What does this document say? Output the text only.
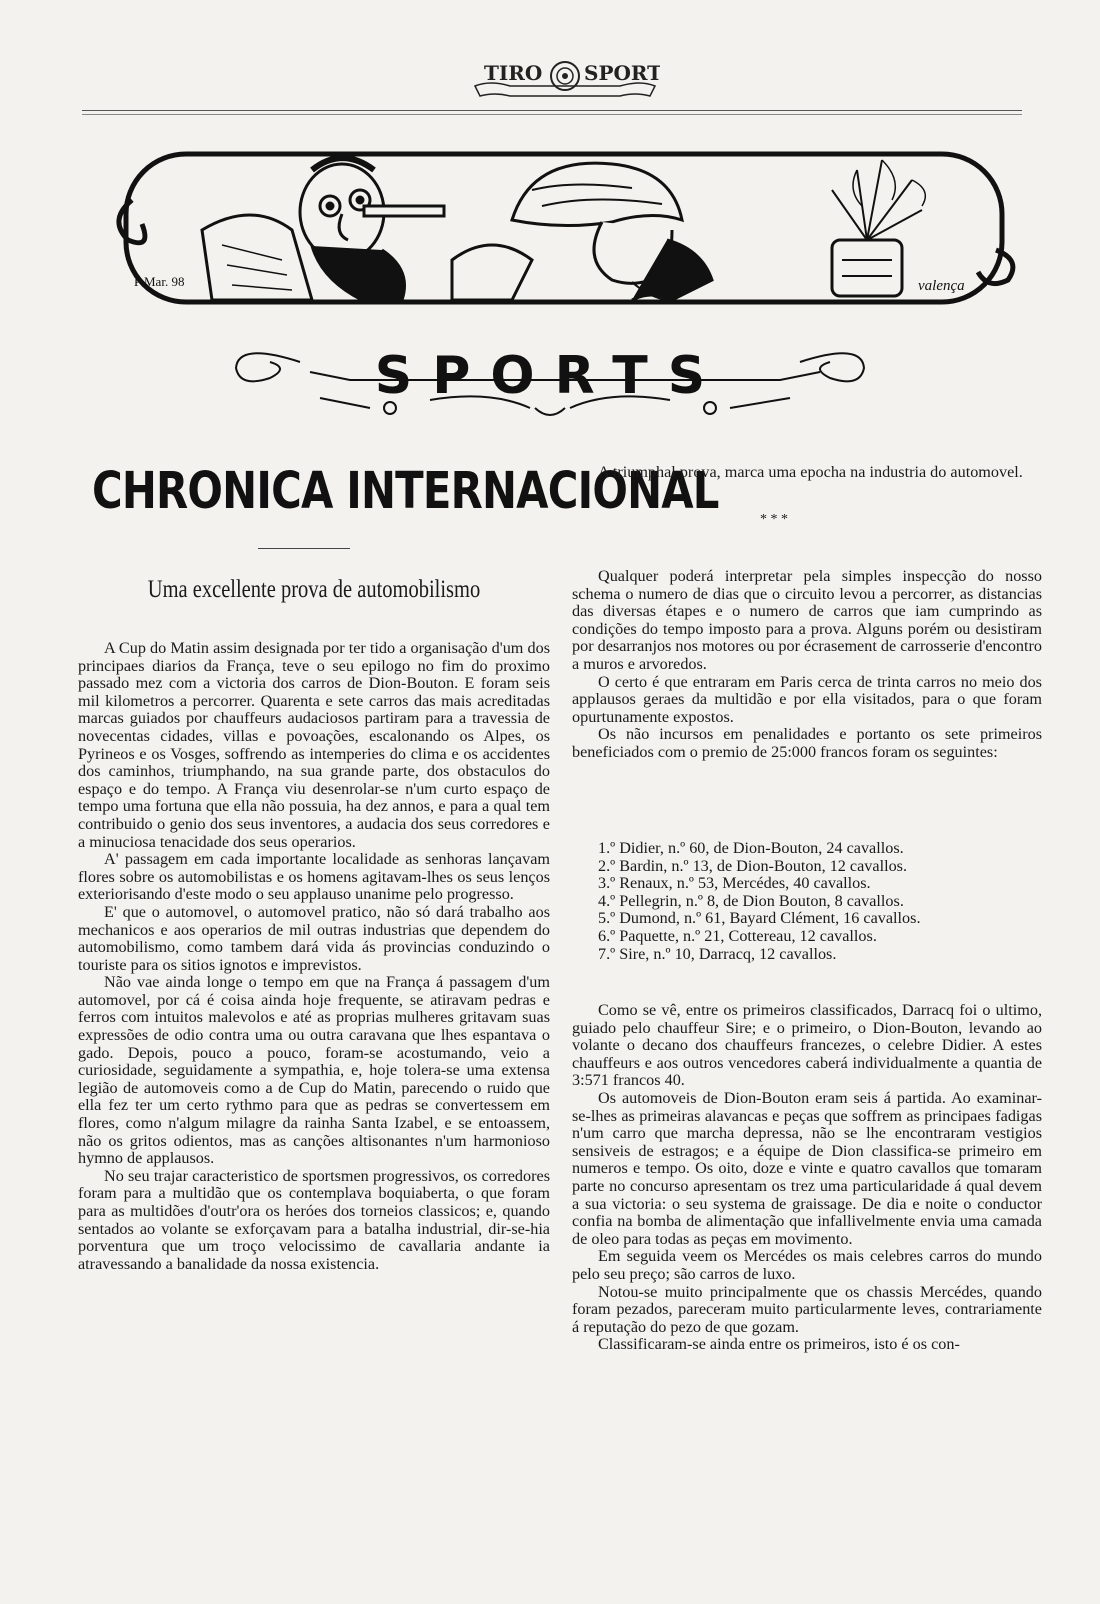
TIRO SPORT
P Mar. 98	valença
SPORTS
CHRONICA INTERNACIONAL
Uma excellente prova de automobilismo

A Cup do Matin assim designada por ter tido a organisação d'um dos principaes diarios da França, teve o seu epilogo no fim do proximo passado mez com a victoria dos carros de Dion-Bouton. E foram seis mil kilometros a percorrer. Quarenta e sete carros das mais acreditadas marcas guiados por chauffeurs audaciosos partiram para a travessia de novecentas cidades, villas e povoações, escalonando os Alpes, os Pyrineos e os Vosges, soffrendo as intemperies do clima e os accidentes dos caminhos, triumphando, na sua grande parte, dos obstaculos do espaço e do tempo. A França viu desenrolar-se n'um curto espaço de tempo uma fortuna que ella não possuia, ha dez annos, e para a qual tem contribuido o genio dos seus inventores, a audacia dos seus corredores e a minuciosa tenacidade dos seus operarios.

A' passagem em cada importante localidade as senhoras lançavam flores sobre os automobilistas e os homens agitavam-lhes os seus lenços exteriorisando d'este modo o seu applauso unanime pelo progresso.

E' que o automovel, o automovel pratico, não só dará trabalho aos mechanicos e aos operarios de mil outras industrias que dependem do automobilismo, como tambem dará vida ás provincias conduzindo o touriste para os sitios ignotos e imprevistos.

Não vae ainda longe o tempo em que na França á passagem d'um automovel, por cá é coisa ainda hoje frequente, se atiravam pedras e ferros com intuitos malevolos e até as proprias mulheres gritavam suas expressões de odio contra uma ou outra caravana que lhes espantava o gado. Depois, pouco a pouco, foram-se acostumando, veio a curiosidade, seguidamente a sympathia, e, hoje tolera-se uma extensa legião de automoveis como a de Cup do Matin, parecendo o ruido que ella fez ter um certo rythmo para que as pedras se convertessem em flores, como n'algum milagre da rainha Santa Izabel, e se entoassem, não os gritos odientos, mas as canções altisonantes n'um harmonioso hymno de applausos.

No seu trajar caracteristico de sportsmen progressivos, os corredores foram para a multidão que os contemplava boquiaberta, o que foram para as multidões d'outr'ora os heróes dos torneios classicos; e, quando sentados ao volante se exforçavam para a batalha industrial, dir-se-hia porventura que um troço velocissimo de cavallaria andante ia atravessando a banalidade da nossa existencia.

A triumphal prova, marca uma epocha na industria do automovel.

* * *

Qualquer poderá interpretar pela simples inspecção do nosso schema o numero de dias que o circuito levou a percorrer, as distancias das diversas étapes e o numero de carros que iam cumprindo as condições do tempo imposto para a prova. Alguns porém ou desistiram por desarranjos nos motores ou por écrasement de carrosserie d'encontro a muros e arvoredos.

O certo é que entraram em Paris cerca de trinta carros no meio dos applausos geraes da multidão e por ella visitados, para o que foram opurtunamente expostos.

Os não incursos em penalidades e portanto os sete primeiros beneficiados com o premio de 25:000 francos foram os seguintes:

1.º Didier, n.º 60, de Dion-Bouton, 24 cavallos.
2.º Bardin, n.º 13, de Dion-Bouton, 12 cavallos.
3.º Renaux, n.º 53, Mercédes, 40 cavallos.
4.º Pellegrin, n.º 8, de Dion Bouton, 8 cavallos.
5.º Dumond, n.º 61, Bayard Clément, 16 cavallos.
6.º Paquette, n.º 21, Cottereau, 12 cavallos.
7.º Sire, n.º 10, Darracq, 12 cavallos.

Como se vê, entre os primeiros classificados, Darracq foi o ultimo, guiado pelo chauffeur Sire; e o primeiro, o Dion-Bouton, levando ao volante o decano dos chauffeurs francezes, o celebre Didier. A estes chauffeurs e aos outros vencedores caberá individualmente a quantia de 3:571 francos 40.

Os automoveis de Dion-Bouton eram seis á partida. Ao examinar-se-lhes as primeiras alavancas e peças que soffrem as principaes fadigas n'um carro que marcha depressa, não se lhe encontraram vestigios sensiveis de estragos; e a équipe de Dion classifica-se primeiro em numeros e tempo. Os oito, doze e vinte e quatro cavallos que tomaram parte no concurso apresentam os trez uma particularidade á qual devem a sua victoria: o seu systema de graissage. De dia e noite o conductor confia na bomba de alimentação que infallivelmente envia uma camada de oleo para todas as peças em movimento.

Em seguida veem os Mercédes os mais celebres carros do mundo pelo seu preço; são carros de luxo.

Notou-se muito principalmente que os chassis Mercédes, quando foram pezados, pareceram muito particularmente leves, contrariamente á reputação do pezo de que gozam.

Classificaram-se ainda entre os primeiros, isto é os con-
